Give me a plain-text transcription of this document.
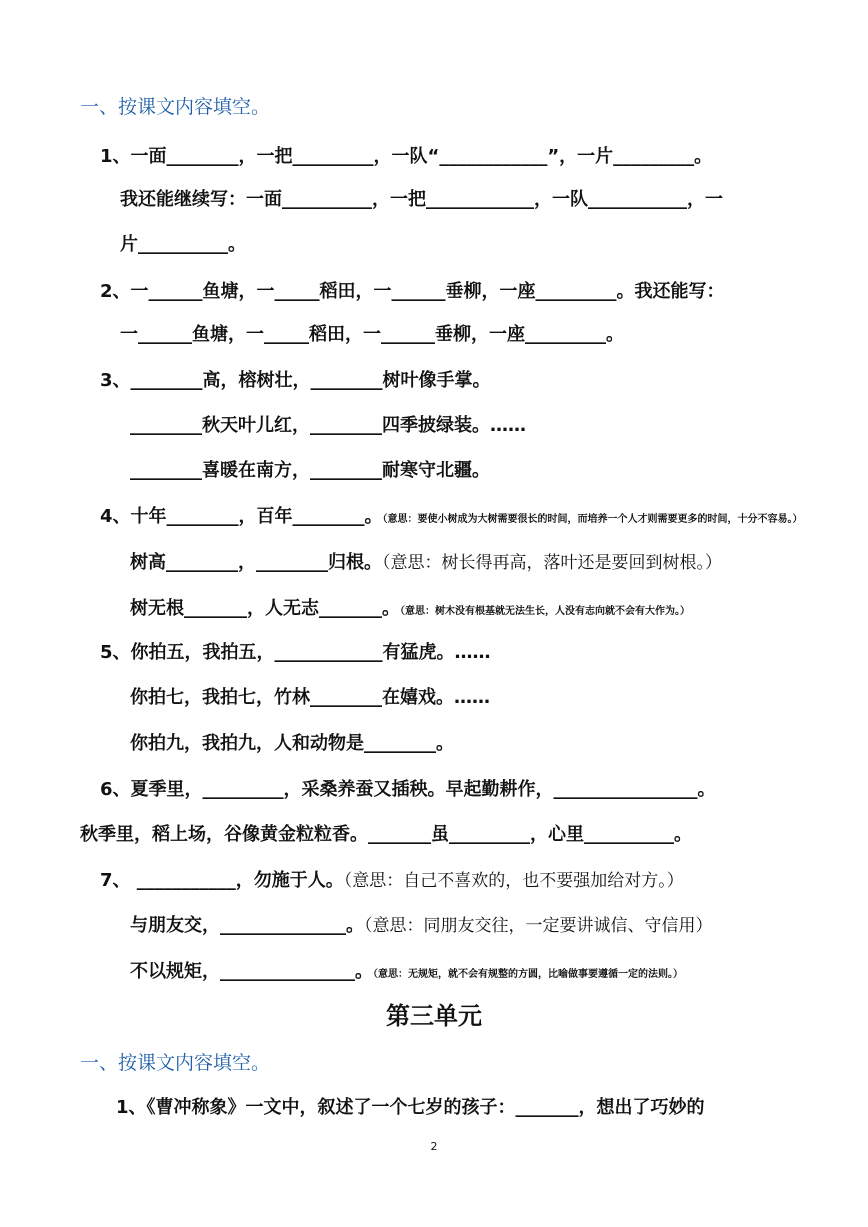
一、按课文内容填空。
1、一面________，一把_________，一队“____________”，一片_________。
我还能继续写：一面__________，一把____________，一队___________，一
片__________。
2、一______鱼塘，一_____稻田，一______垂柳，一座_________。我还能写：
一______鱼塘，一_____稻田，一______垂柳，一座_________。
3、________高，榕树壮，________树叶像手掌。
________秋天叶儿红，________四季披绿装。……
________喜暖在南方，________耐寒守北疆。
4、十年________，百年________。（意思：要使小树成为大树需要很长的时间，而培养一个人才则需要更多的时间，十分不容易。）
树高________，________归根。（意思：树长得再高，落叶还是要回到树根。）
树无根_______，人无志_______。（意思：树木没有根基就无法生长，人没有志向就不会有大作为。）
5、你拍五，我拍五，____________有猛虎。……
你拍七，我拍七，竹林________在嬉戏。……
你拍九，我拍九，人和动物是________。
6、夏季里，_________，采桑养蚕又插秧。早起勤耕作，________________。
秋季里，稻上场，谷像黄金粒粒香。_______虽_________，心里__________。
7、 ___________，勿施于人。（意思：自己不喜欢的，也不要强加给对方。）
与朋友交，______________。（意思：同朋友交往，一定要讲诚信、守信用）
不以规矩，_______________。（意思：无规矩，就不会有规整的方圆，比喻做事要遵循一定的法则。）
一、按课文内容填空。
1、《曹冲称象》一文中，叙述了一个七岁的孩子：_______，想出了巧妙的
第三单元
2
